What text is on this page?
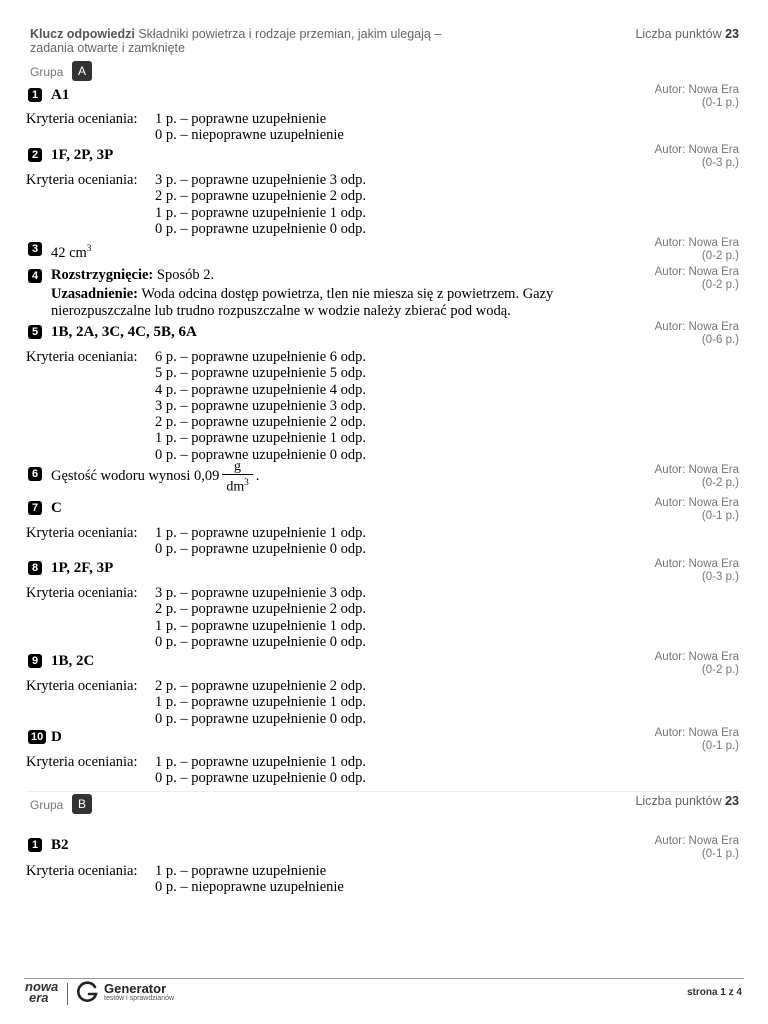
Klucz odpowiedzi Składniki powietrza i rodzaje przemian, jakim ulegają – zadania otwarte i zamknięte
Liczba punktów 23
Grupa	A
1 A1	Autor: Nowa Era
(0-1 p.)
Kryteria oceniania: 1 p. – poprawne uzupełnienie
0 p. – niepoprawne uzupełnienie
2 1F, 2P, 3P	Autor: Nowa Era
(0-3 p.)
Kryteria oceniania: 3 p. – poprawne uzupełnienie 3 odp.
2 p. – poprawne uzupełnienie 2 odp.
1 p. – poprawne uzupełnienie 1 odp.
0 p. – poprawne uzupełnienie 0 odp.
3 42 $cm^3$	Autor: Nowa Era
(0-2 p.)
4 Rozstrzygnięcie: Sposób 2.
Uzasadnienie: Woda odcina dostęp powietrza, tlen nie miesza się z powietrzem. Gazy nierozpuszczalne lub trudno rozpuszczalne w wodzie należy zbierać pod wodą.
Autor: Nowa Era
(0-2 p.)
5 1B, 2A, 3C, 4C, 5B, 6A	Autor: Nowa Era
(0-6 p.)
Kryteria oceniania: 6 p. – poprawne uzupełnienie 6 odp.
5 p. – poprawne uzupełnienie 5 odp.
4 p. – poprawne uzupełnienie 4 odp.
3 p. – poprawne uzupełnienie 3 odp.
2 p. – poprawne uzupełnienie 2 odp.
1 p. – poprawne uzupełnienie 1 odp.
0 p. – poprawne uzupełnienie 0 odp.
6 Gęstość wodoru wynosi $0,09 \frac{g}{dm^3}$ .	Autor: Nowa Era
(0-2 p.)
7 C	Autor: Nowa Era
(0-1 p.)
Kryteria oceniania: 1 p. – poprawne uzupełnienie 1 odp.
0 p. – poprawne uzupełnienie 0 odp.
8 1P, 2F, 3P	Autor: Nowa Era
(0-3 p.)
Kryteria oceniania: 3 p. – poprawne uzupełnienie 3 odp.
2 p. – poprawne uzupełnienie 2 odp.
1 p. – poprawne uzupełnienie 1 odp.
0 p. – poprawne uzupełnienie 0 odp.
9 1B, 2C	Autor: Nowa Era
(0-2 p.)
Kryteria oceniania: 2 p. – poprawne uzupełnienie 2 odp.
1 p. – poprawne uzupełnienie 1 odp.
0 p. – poprawne uzupełnienie 0 odp.
10 D	Autor: Nowa Era
(0-1 p.)
Kryteria oceniania: 1 p. – poprawne uzupełnienie 1 odp.
0 p. – poprawne uzupełnienie 0 odp.
Grupa	B	Liczba punktów 23
1 B2	Autor: Nowa Era
(0-1 p.)
Kryteria oceniania: 1 p. – poprawne uzupełnienie
0 p. – niepoprawne uzupełnienie
nowa
era
Generator
testów i sprawdzianów
strona 1 z 4
